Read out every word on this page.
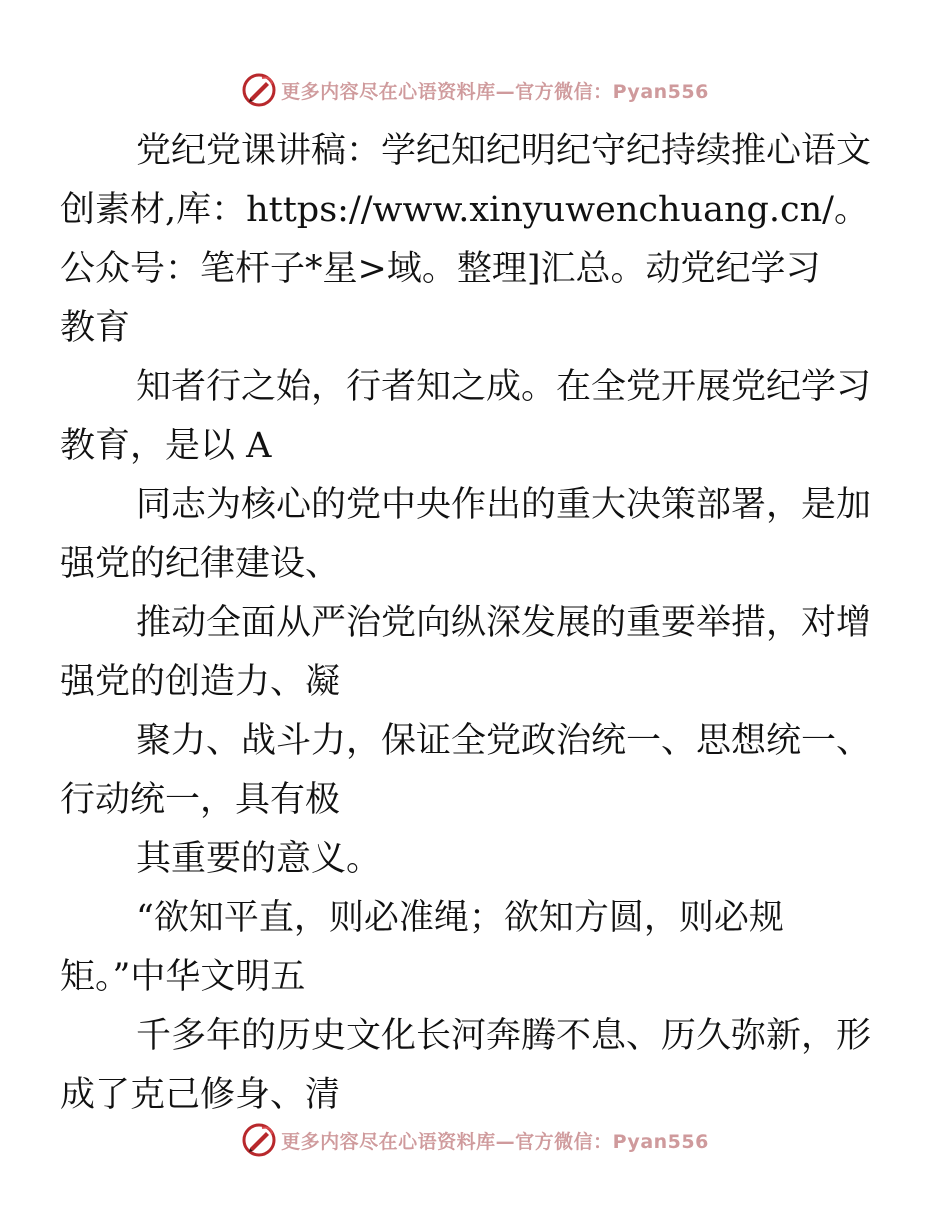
更多内容尽在心语资料库—官方微信：Pyan556

党纪党课讲稿：学纪知纪明纪守纪持续推心语文
创素材,库：https://www.xinyuwenchuang.cn/。
公众号：笔杆子*星>域。整理]汇总。动党纪学习
教育

知者行之始，行者知之成。在全党开展党纪学习
教育，是以 A

同志为核心的党中央作出的重大决策部署，是加
强党的纪律建设、

推动全面从严治党向纵深发展的重要举措，对增
强党的创造力、凝

聚力、战斗力，保证全党政治统一、思想统一、
行动统一，具有极

其重要的意义。

“欲知平直，则必准绳；欲知方圆，则必规
矩。”中华文明五

千多年的历史文化长河奔腾不息、历久弥新，形
成了克己修身、清

更多内容尽在心语资料库—官方微信：Pyan556
